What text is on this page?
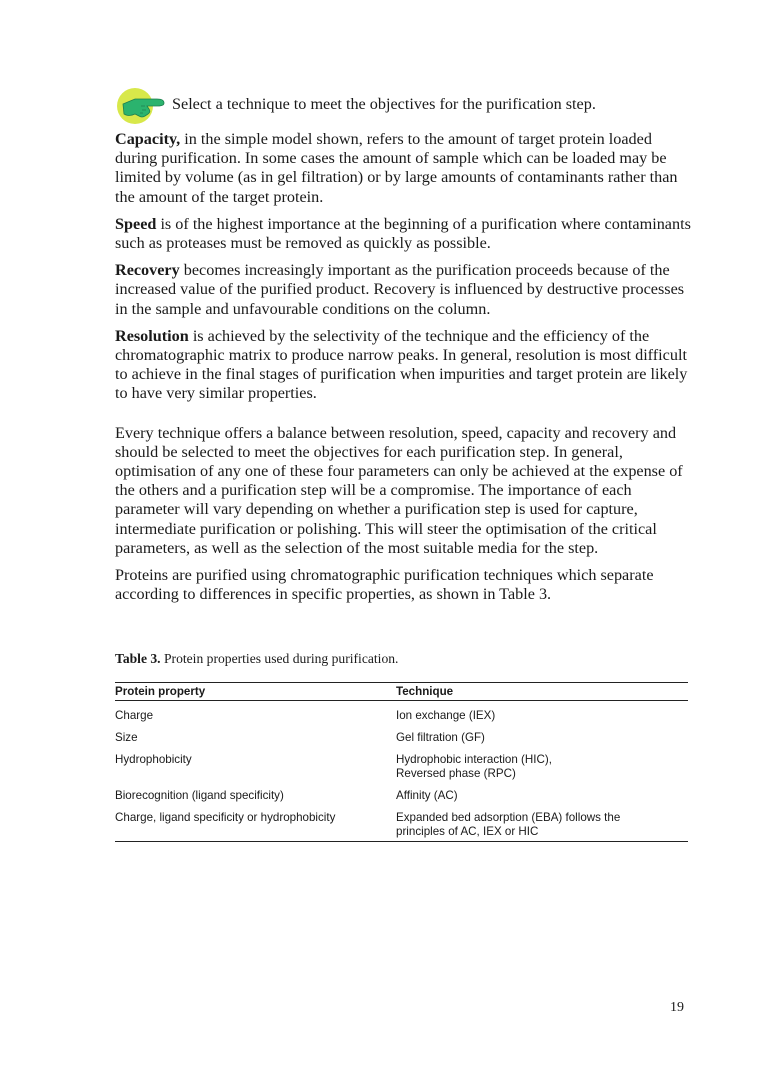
Select a technique to meet the objectives for the purification step.

Capacity, in the simple model shown, refers to the amount of target protein loaded during purification. In some cases the amount of sample which can be loaded may be limited by volume (as in gel filtration) or by large amounts of contaminants rather than the amount of the target protein.

Speed is of the highest importance at the beginning of a purification where contaminants such as proteases must be removed as quickly as possible.

Recovery becomes increasingly important as the purification proceeds because of the increased value of the purified product. Recovery is influenced by destructive processes in the sample and unfavourable conditions on the column.

Resolution is achieved by the selectivity of the technique and the efficiency of the chromatographic matrix to produce narrow peaks. In general, resolution is most difficult to achieve in the final stages of purification when impurities and target protein are likely to have very similar properties.

Every technique offers a balance between resolution, speed, capacity and recovery and should be selected to meet the objectives for each purification step. In general, optimisation of any one of these four parameters can only be achieved at the expense of the others and a purification step will be a compromise. The importance of each parameter will vary depending on whether a purification step is used for capture, intermediate purification or polishing. This will steer the optimisation of the critical parameters, as well as the selection of the most suitable media for the step.

Proteins are purified using chromatographic purification techniques which separate according to differences in specific properties, as shown in Table 3.

Table 3. Protein properties used during purification.
Protein property	Technique
Charge	Ion exchange (IEX)
Size	Gel filtration (GF)
Hydrophobicity	Hydrophobic interaction (HIC),
Reversed phase (RPC)
Biorecognition (ligand specificity)	Affinity (AC)
Charge, ligand specificity or hydrophobicity	Expanded bed adsorption (EBA) follows the
principles of AC, IEX or HIC
19
